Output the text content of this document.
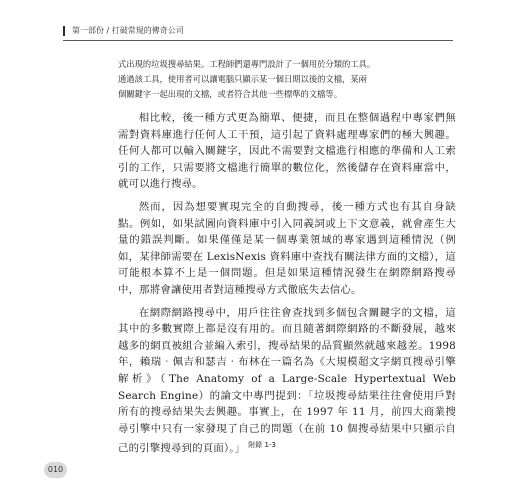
第一部份 / 打破常規的傳奇公司

式出現的垃圾搜尋結果。工程師們還專門設計了一個用於分類的工具。

通過該工具，使用者可以讓電腦只顯示某一個日期以後的文檔，某兩

個關鍵字一起出現的文檔，或者符合其他一些標準的文檔等。

相比較，後一種方式更為簡單、便捷，而且在整個過程中專家們無需對資料庫進行任何人工干預，這引起了資料處理專家們的極大興趣。任何人都可以輸入關鍵字，因此不需要對文檔進行相應的準備和人工索引的工作，只需要將文檔進行簡單的數位化，然後儲存在資料庫當中，就可以進行搜尋。

然而，因為想要實現完全的自動搜尋，後一種方式也有其自身缺點。例如，如果試圖向資料庫中引入同義詞或上下文意義，就會產生大量的錯誤判斷。如果僅僅是某一個專業領域的專家遇到這種情況（例如，某律師需要在 LexisNexis 資料庫中查找有關法律方面的文檔），這可能根本算不上是一個問題。但是如果這種情況發生在網際網路搜尋中，那將會讓使用者對這種搜尋方式徹底失去信心。

在網際網路搜尋中，用戶往往會查找到多個包含關鍵字的文檔，這其中的多數實際上都是沒有用的。而且隨著網際網路的不斷發展，越來越多的網頁被組合並編入索引，搜尋結果的品質顯然就越來越差。1998 年，賴瑞‧佩吉和瑟吉‧布林在一篇名為《大規模超文字網頁搜尋引擎解析》（The Anatomy of a Large-Scale Hypertextual Web Search Engine）的論文中專門提到：「垃圾搜尋結果往往會使用戶對所有的搜尋結果失去興趣。事實上，在 1997 年 11 月，前四大商業搜尋引擎中只有一家發現了自己的問題（在前 10 個搜尋結果中只顯示自己的引擎搜尋到的頁面）。」 $^{附錄 1-3}$

010
